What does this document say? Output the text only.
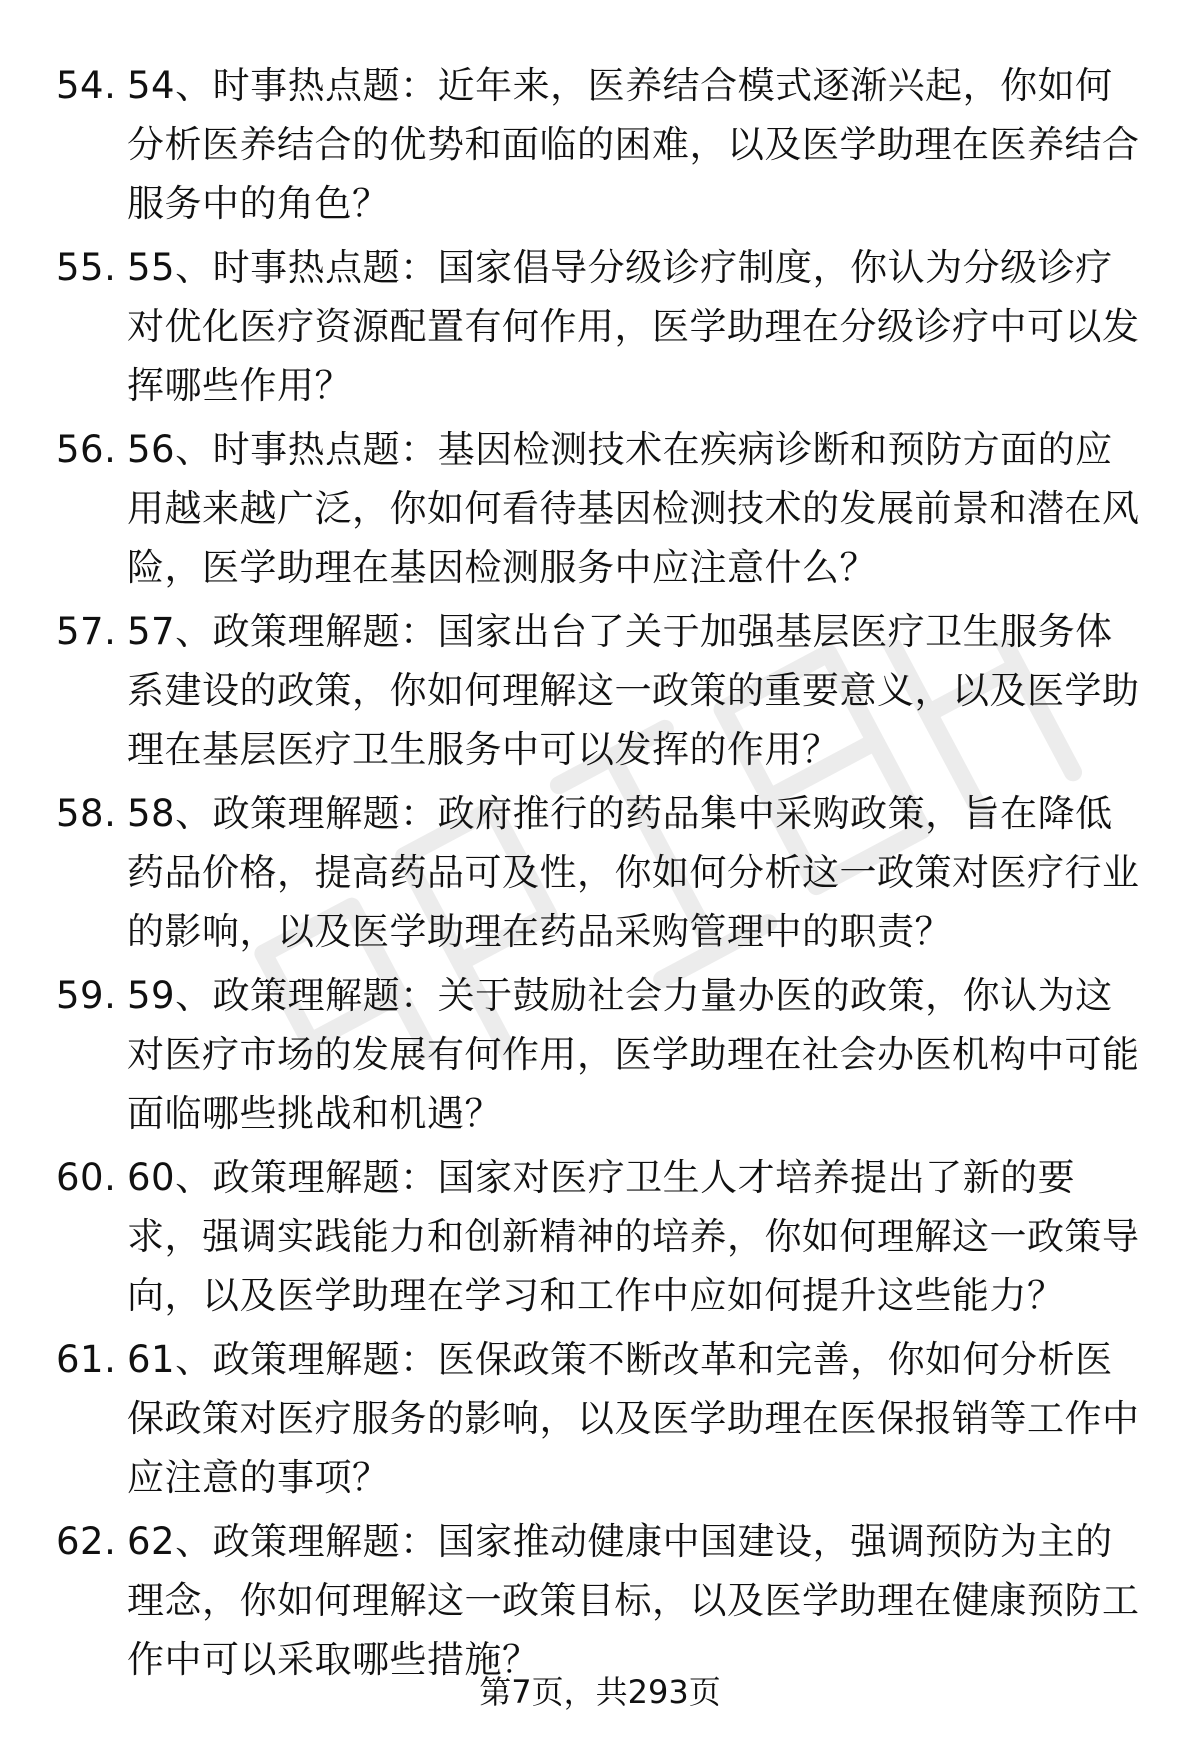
54. 54、时事热点题：近年来，医养结合模式逐渐兴起，你如何分析医养结合的优势和面临的困难，以及医学助理在医养结合服务中的角色？
55. 55、时事热点题：国家倡导分级诊疗制度，你认为分级诊疗对优化医疗资源配置有何作用，医学助理在分级诊疗中可以发挥哪些作用？
56. 56、时事热点题：基因检测技术在疾病诊断和预防方面的应用越来越广泛，你如何看待基因检测技术的发展前景和潜在风险，医学助理在基因检测服务中应注意什么？
57. 57、政策理解题：国家出台了关于加强基层医疗卫生服务体系建设的政策，你如何理解这一政策的重要意义，以及医学助理在基层医疗卫生服务中可以发挥的作用？
58. 58、政策理解题：政府推行的药品集中采购政策，旨在降低药品价格，提高药品可及性，你如何分析这一政策对医疗行业的影响，以及医学助理在药品采购管理中的职责？
59. 59、政策理解题：关于鼓励社会力量办医的政策，你认为这对医疗市场的发展有何作用，医学助理在社会办医机构中可能面临哪些挑战和机遇？
60. 60、政策理解题：国家对医疗卫生人才培养提出了新的要求，强调实践能力和创新精神的培养，你如何理解这一政策导向，以及医学助理在学习和工作中应如何提升这些能力？
61. 61、政策理解题：医保政策不断改革和完善，你如何分析医保政策对医疗服务的影响，以及医学助理在医保报销等工作中应注意的事项？
62. 62、政策理解题：国家推动健康中国建设，强调预防为主的理念，你如何理解这一政策目标，以及医学助理在健康预防工作中可以采取哪些措施？
第7页，共293页
